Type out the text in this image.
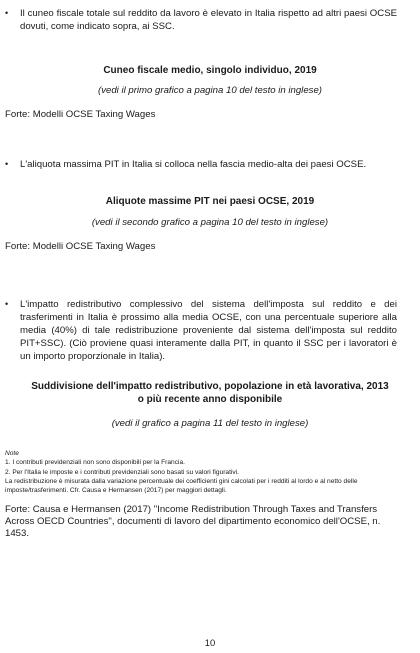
•	Il cuneo fiscale totale sul reddito da lavoro è elevato in Italia rispetto ad altri paesi OCSE dovuti, come indicato sopra, ai SSC.
Cuneo fiscale medio, singolo individuo, 2019
(vedi il primo grafico a pagina 10 del testo in inglese)
Forte: Modelli OCSE Taxing Wages
•	L'aliquota massima PIT in Italia si colloca nella fascia medio-alta dei paesi OCSE.
Aliquote massime PIT nei paesi OCSE, 2019
(vedi il secondo grafico a pagina 10 del testo in inglese)
Forte: Modelli OCSE Taxing Wages
•	L'impatto redistributivo complessivo del sistema dell'imposta sul reddito e dei trasferimenti in Italia è prossimo alla media OCSE, con una percentuale superiore alla media (40%) di tale redistribuzione proveniente dal sistema dell'imposta sul reddito PIT+SSC). (Ciò proviene quasi interamente dalla PIT, in quanto il SSC per i lavoratori è un importo proporzionale in Italia).
Suddivisione dell'impatto redistributivo, popolazione in età lavorativa, 2013
o più recente anno disponibile
(vedi il grafico a pagina 11 del testo in inglese)
Note
1. I contributi previdenziali non sono disponibili per la Francia.
2. Per l'Italia le imposte e i contributi previdenziali sono basati su valori figurativi.
La redistribuzione è misurata dalla variazione percentuale dei coefficienti gini calcolati per i redditi al lordo e al netto delle imposte/trasferimenti. Cfr. Causa e Hermansen (2017) per maggiori dettagli.
Forte: Causa e Hermansen (2017) "Income Redistribution Through Taxes and Transfers Across OECD Countries", documenti di lavoro del dipartimento economico dell'OCSE, n. 1453.
10
